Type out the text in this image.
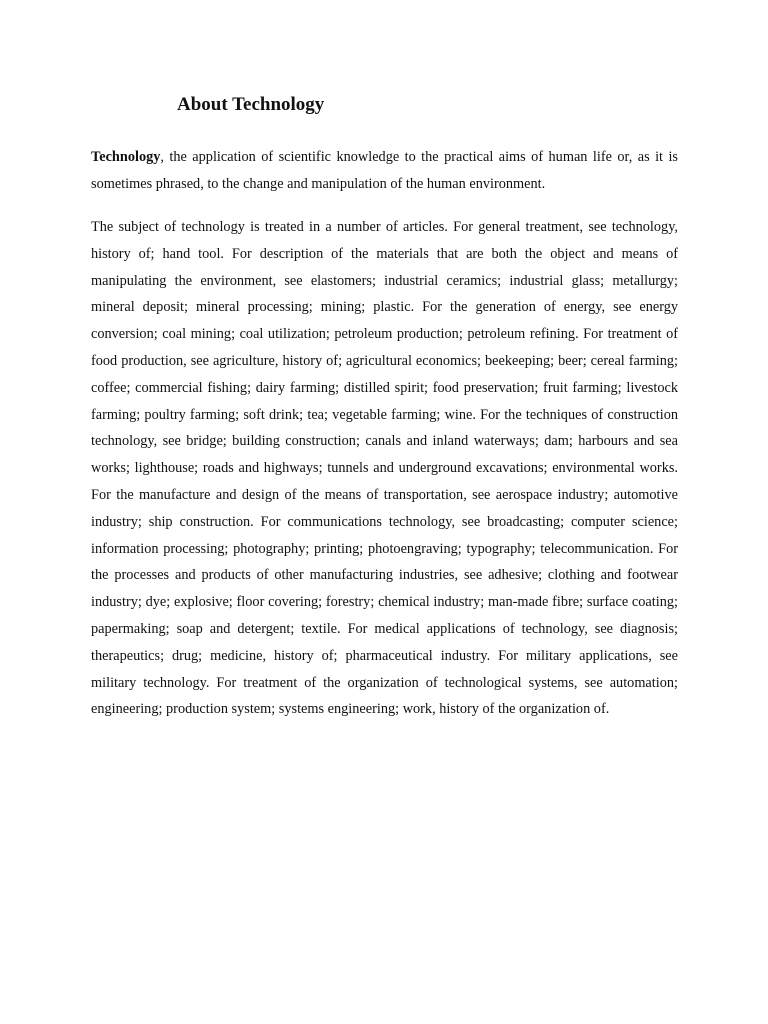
About Technology

Technology, the application of scientific knowledge to the practical aims of human life or, as it is sometimes phrased, to the change and manipulation of the human environment.

The subject of technology is treated in a number of articles. For general treatment, see technology, history of; hand tool. For description of the materials that are both the object and means of manipulating the environment, see elastomers; industrial ceramics; industrial glass; metallurgy; mineral deposit; mineral processing; mining; plastic. For the generation of energy, see energy conversion; coal mining; coal utilization; petroleum production; petroleum refining. For treatment of food production, see agriculture, history of; agricultural economics; beekeeping; beer; cereal farming; coffee; commercial fishing; dairy farming; distilled spirit; food preservation; fruit farming; livestock farming; poultry farming; soft drink; tea; vegetable farming; wine. For the techniques of construction technology, see bridge; building construction; canals and inland waterways; dam; harbours and sea works; lighthouse; roads and highways; tunnels and underground excavations; environmental works. For the manufacture and design of the means of transportation, see aerospace industry; automotive industry; ship construction. For communications technology, see broadcasting; computer science; information processing; photography; printing; photoengraving; typography; telecommunication. For the processes and products of other manufacturing industries, see adhesive; clothing and footwear industry; dye; explosive; floor covering; forestry; chemical industry; man-made fibre; surface coating; papermaking; soap and detergent; textile. For medical applications of technology, see diagnosis; therapeutics; drug; medicine, history of; pharmaceutical industry. For military applications, see military technology. For treatment of the organization of technological systems, see automation; engineering; production system; systems engineering; work, history of the organization of.
